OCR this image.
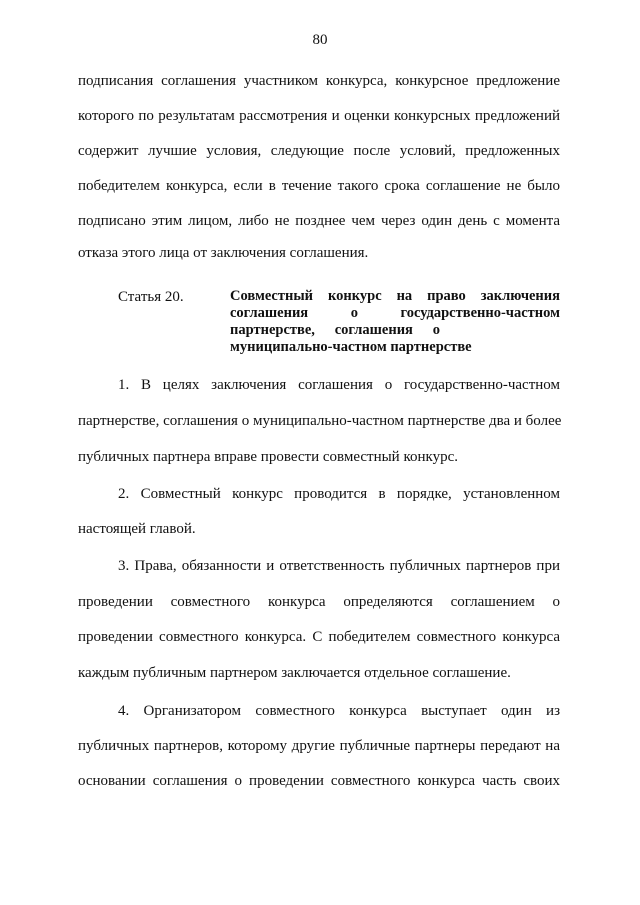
80
подписания соглашения участником конкурса, конкурсное предложение
которого по результатам рассмотрения и оценки конкурсных предложений
содержит лучшие условия, следующие после условий, предложенных
победителем конкурса, если в течение такого срока соглашение не было
подписано этим лицом, либо не позднее чем через один день с момента
отказа этого лица от заключения соглашения.
Статья 20.	Совместный конкурс на право заключения
соглашения о государственно-частном
партнерстве, соглашения о
муниципально-частном партнерстве
1. В целях заключения соглашения о государственно-частном
партнерстве, соглашения о муниципально-частном партнерстве два и более
публичных партнера вправе провести совместный конкурс.
2. Совместный конкурс проводится в порядке, установленном
настоящей главой.
3. Права, обязанности и ответственность публичных партнеров при
проведении совместного конкурса определяются соглашением о
проведении совместного конкурса. С победителем совместного конкурса
каждым публичным партнером заключается отдельное соглашение.
4. Организатором совместного конкурса выступает один из
публичных партнеров, которому другие публичные партнеры передают на
основании соглашения о проведении совместного конкурса часть своих
